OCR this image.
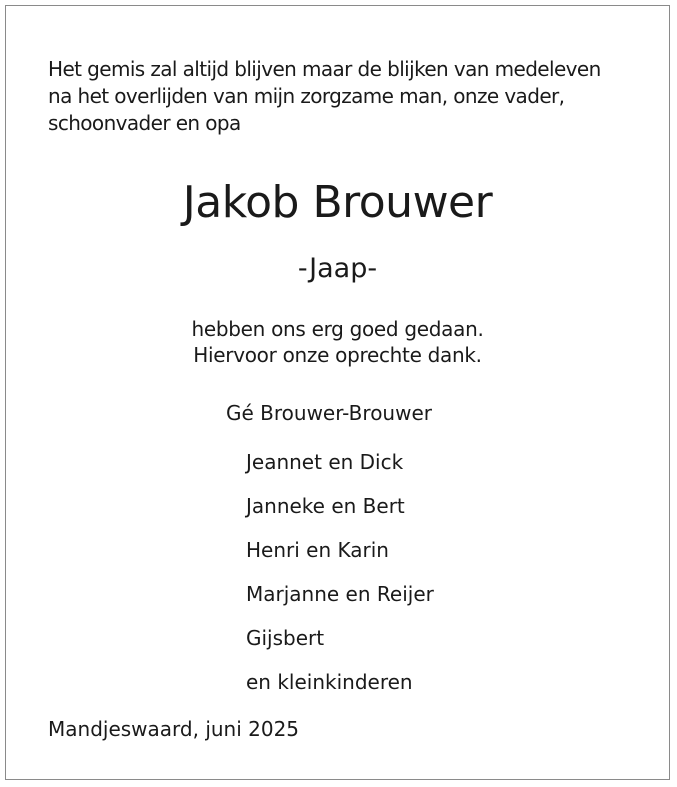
Het gemis zal altijd blijven maar de blijken van medeleven
na het overlijden van mijn zorgzame man, onze vader,
schoonvader en opa
Jakob Brouwer
-Jaap-
hebben ons erg goed gedaan.
Hiervoor onze oprechte dank.
Gé Brouwer-Brouwer
Jeannet en Dick
Janneke en Bert
Henri en Karin
Marjanne en Reijer
Gijsbert
en kleinkinderen
Mandjeswaard, juni 2025
